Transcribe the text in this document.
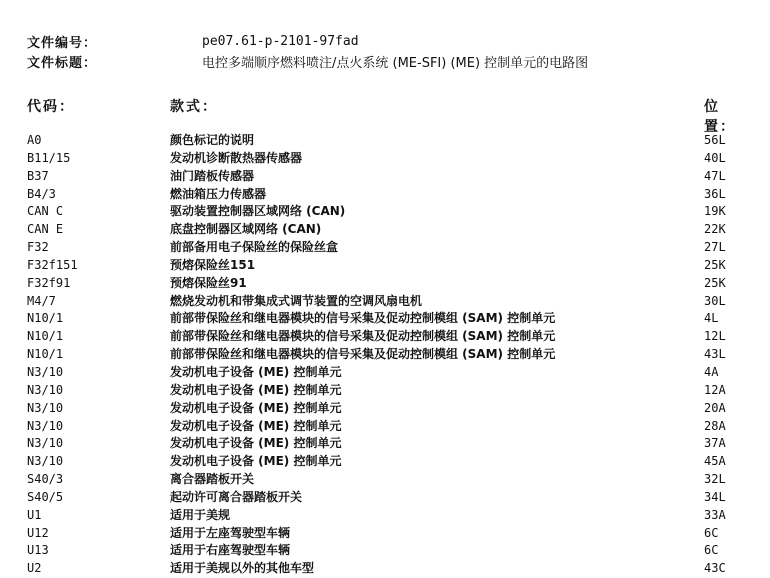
文件编号：	pe07.61-p-2101-97fad
文件标题：	电控多端顺序燃料喷注/点火系统 (ME-SFI) (ME) 控制单元的电路图
代码：	款式：	位置：
A0	颜色标记的说明	56L
B11/15	发动机诊断散热器传感器	40L
B37	油门踏板传感器	47L
B4/3	燃油箱压力传感器	36L
CAN C	驱动装置控制器区域网络 (CAN)	19K
CAN E	底盘控制器区域网络 (CAN)	22K
F32	前部备用电子保险丝的保险丝盒	27L
F32f151	预熔保险丝151	25K
F32f91	预熔保险丝91	25K
M4/7	燃烧发动机和带集成式调节装置的空调风扇电机	30L
N10/1	前部带保险丝和继电器模块的信号采集及促动控制模组 (SAM) 控制单元	4L
N10/1	前部带保险丝和继电器模块的信号采集及促动控制模组 (SAM) 控制单元	12L
N10/1	前部带保险丝和继电器模块的信号采集及促动控制模组 (SAM) 控制单元	43L
N3/10	发动机电子设备 (ME) 控制单元	4A
N3/10	发动机电子设备 (ME) 控制单元	12A
N3/10	发动机电子设备 (ME) 控制单元	20A
N3/10	发动机电子设备 (ME) 控制单元	28A
N3/10	发动机电子设备 (ME) 控制单元	37A
N3/10	发动机电子设备 (ME) 控制单元	45A
S40/3	离合器踏板开关	32L
S40/5	起动许可离合器踏板开关	34L
U1	适用于美规	33A
U12	适用于左座驾驶型车辆	6C
U13	适用于右座驾驶型车辆	6C
U2	适用于美规以外的其他车型	43C
